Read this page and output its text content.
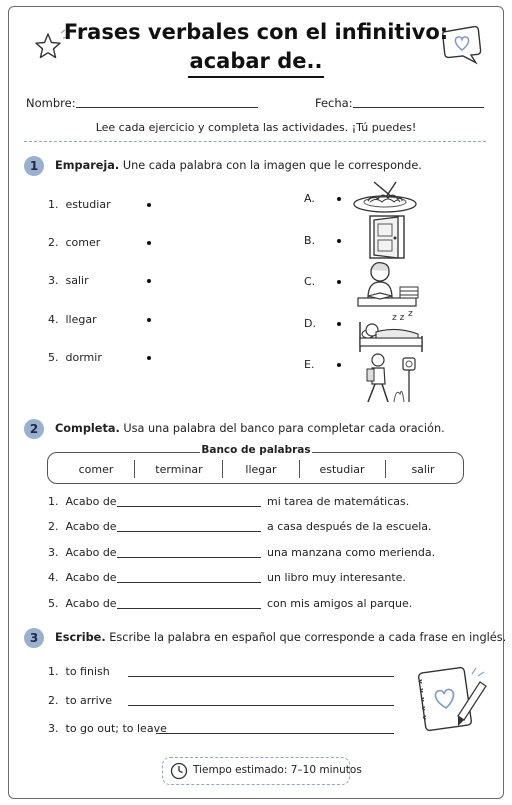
Frases verbales con el infinitivo:
acabar de..
Nombre:	Fecha:
Lee cada ejercicio y completa las actividades. ¡Tú puedes!
1	Empareja. Une cada palabra con la imagen que le corresponde.
1. estudiar
2. comer
3. salir
4. llegar
5. dormir
A.
B.
C.
D.
E.
z z z
2	Completa. Usa una palabra del banco para completar cada oración.
Banco de palabras
comer	terminar	llegar	estudiar	salir
1. Acabo de	mi tarea de matemáticas.
2. Acabo de	a casa después de la escuela.
3. Acabo de	una manzana como merienda.
4. Acabo de	un libro muy interesante.
5. Acabo de	con mis amigos al parque.
3	Escribe. Escribe la palabra en español que corresponde a cada frase en inglés.
1. to finish
2. to arrive
3. to go out; to leave
Tiempo estimado: 7–10 minutos
